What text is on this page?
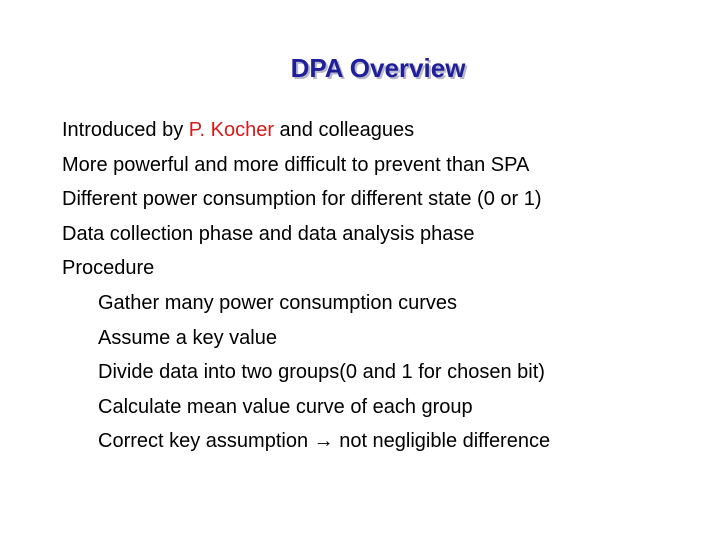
DPA Overview
Introduced by P. Kocher and colleagues
More powerful and more difficult to prevent than SPA
Different power consumption for different state (0 or 1)
Data collection phase and data analysis phase
Procedure
Gather many power consumption curves
Assume a key value
Divide data into two groups(0 and 1 for chosen bit)
Calculate mean value curve of each group
Correct key assumption → not negligible difference
